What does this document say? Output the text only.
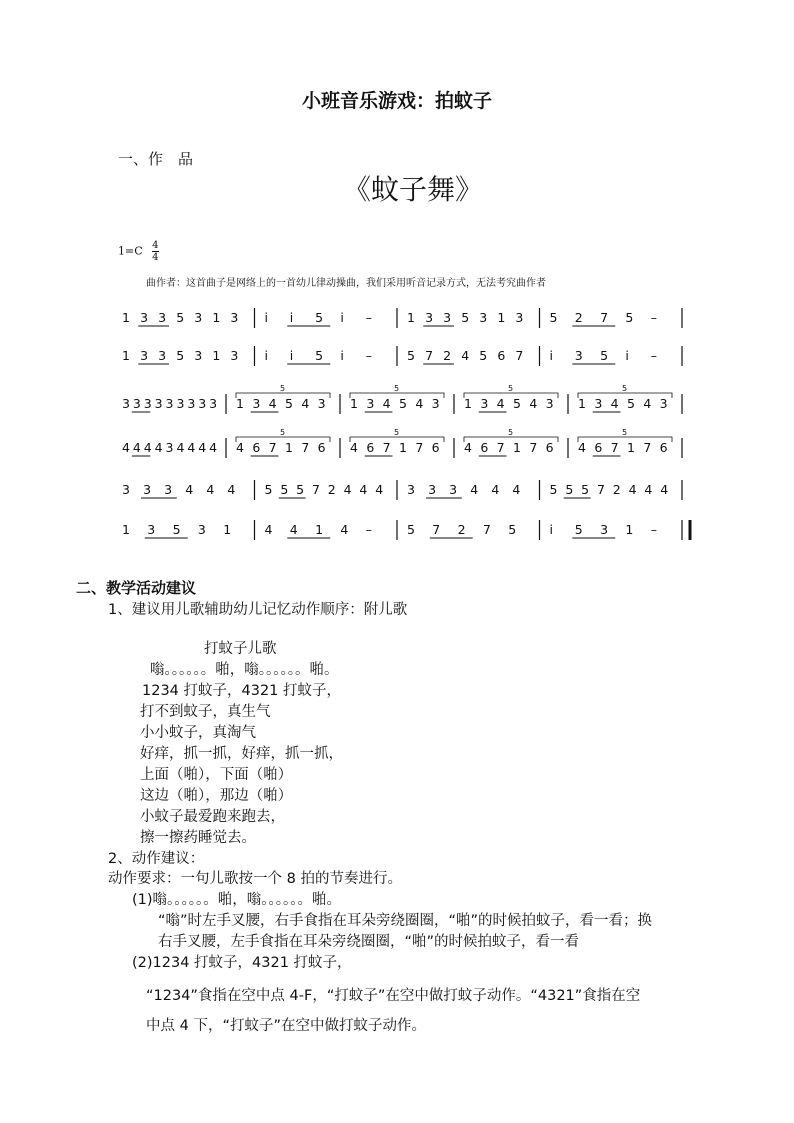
小班音乐游戏：拍蚊子
1 3 3 5 3 1 3 i i 5 i –	1 3 3 5 3 1 3 5 2 7 5 –
1 3 3 5 3 1 3 i i 5 i –	5 7 2 4 5 6 7 i 3 5 i –
3 3 3 3 3 3 3 3 3 1 3 4 5 4 3 1 3 4 5 4 3 1 3 4 5 4 3 1 3 4 5 4 3
5	5	5	5
4 4 4 4 3 4 4 4 4 4 6 7 1 7 6 4 6 7 1 7 6 4 6 7 1 7 6 4 6 7 1 7 6
5	5	5	5
3 3 3 4 4 4 5 5 5 7 2 4 4 4 3 3 3 4 4 4 5 5 5 7 2 4 4 4
1 3 5 3 1	4 4 1 4 –	5 7 2 7 5	i 5 3 1 –
一、作　品
《蚊子舞》
$1=C \frac{4}{4}$
曲作者：这首曲子是网络上的一首幼儿律动操曲，我们采用听音记录方式，无法考究曲作者
二、教学活动建议
1、建议用儿歌辅助幼儿记忆动作顺序：附儿歌
打蚊子儿歌
嗡。。。。。。啪，嗡。。。。。。啪。
1234 打蚊子，4321 打蚊子，
打不到蚊子，真生气
小小蚊子，真淘气
好痒，抓一抓，好痒，抓一抓，
上面（啪），下面（啪）
这边（啪），那边（啪）
小蚊子最爱跑来跑去，
擦一擦药睡觉去。
2、动作建议：
动作要求：一句儿歌按一个 8 拍的节奏进行。
(1)嗡。。。。。。啪，嗡。。。。。。啪。
“嗡”时左手叉腰，右手食指在耳朵旁绕圈圈，“啪”的时候拍蚊子，看一看；换
右手叉腰，左手食指在耳朵旁绕圈圈，“啪”的时候拍蚊子，看一看
(2)1234 打蚊子，4321 打蚊子，
“1234”食指在空中点 4-F，“打蚊子”在空中做打蚊子动作。“4321”食指在空
中点 4 下，“打蚊子”在空中做打蚊子动作。
